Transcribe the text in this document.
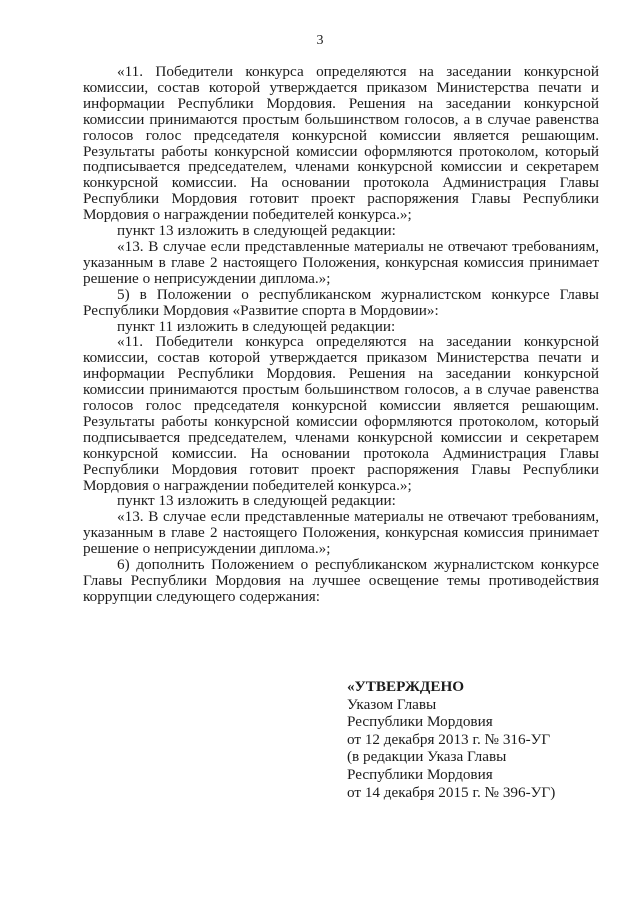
3

«11. Победители конкурса определяются на заседании конкурсной комиссии, состав которой утверждается приказом Министерства печати и информации Республики Мордовия. Решения на заседании конкурсной комиссии принимаются простым большинством голосов, а в случае равенства голосов голос председателя конкурсной комиссии является решающим. Результаты работы конкурсной комиссии оформляются протоколом, который подписывается председателем, членами конкурсной комиссии и секретарем конкурсной комиссии. На основании протокола Администрация Главы Республики Мордовия готовит проект распоряжения Главы Республики Мордовия о награждении победителей конкурса.»;

пункт 13 изложить в следующей редакции:

«13. В случае если представленные материалы не отвечают требованиям, указанным в главе 2 настоящего Положения, конкурсная комиссия принимает решение о неприсуждении диплома.»;

5) в Положении о республиканском журналистском конкурсе Главы Республики Мордовия «Развитие спорта в Мордовии»:

пункт 11 изложить в следующей редакции:

«11. Победители конкурса определяются на заседании конкурсной комиссии, состав которой утверждается приказом Министерства печати и информации Республики Мордовия. Решения на заседании конкурсной комиссии принимаются простым большинством голосов, а в случае равенства голосов голос председателя конкурсной комиссии является решающим. Результаты работы конкурсной комиссии оформляются протоколом, который подписывается председателем, членами конкурсной комиссии и секретарем конкурсной комиссии. На основании протокола Администрация Главы Республики Мордовия готовит проект распоряжения Главы Республики Мордовия о награждении победителей конкурса.»;

пункт 13 изложить в следующей редакции:

«13. В случае если представленные материалы не отвечают требованиям, указанным в главе 2 настоящего Положения, конкурсная комиссия принимает решение о неприсуждении диплома.»;

6) дополнить Положением о республиканском журналистском конкурсе Главы Республики Мордовия на лучшее освещение темы противодействия коррупции следующего содержания:

«УТВЕРЖДЕНО
Указом Главы
Республики Мордовия
от 12 декабря 2013 г. № 316-УГ
(в редакции Указа Главы
Республики Мордовия
от 14 декабря 2015 г. № 396-УГ)
